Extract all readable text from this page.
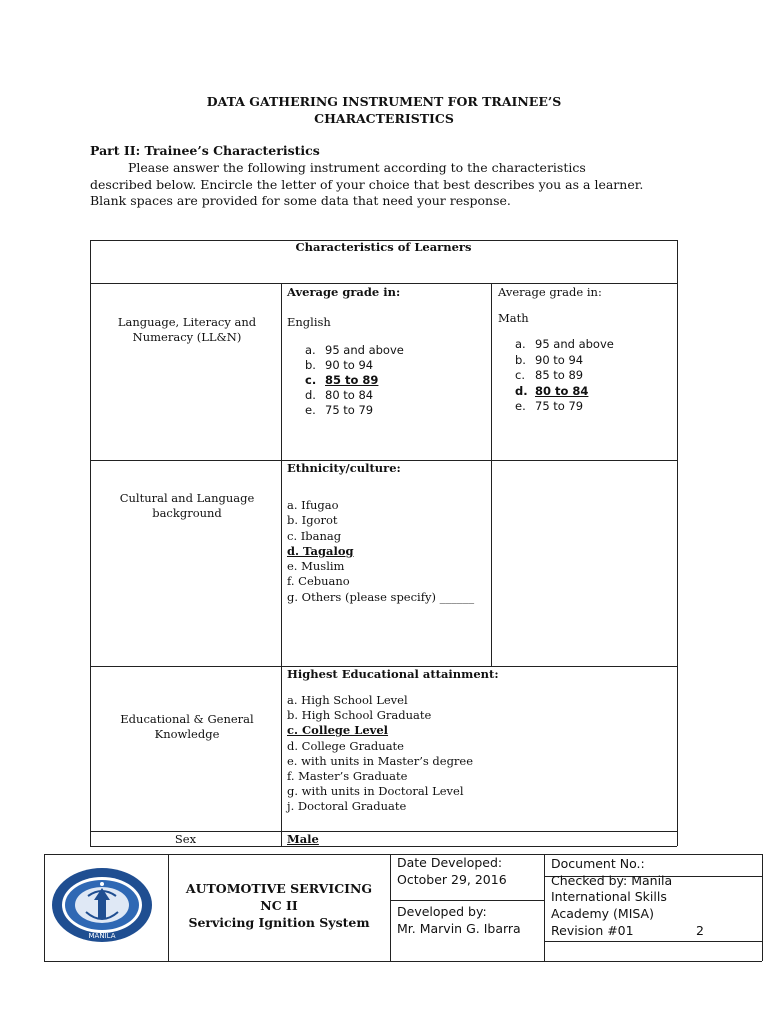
DATA GATHERING INSTRUMENT FOR TRAINEE’S
CHARACTERISTICS
Part II: Trainee’s Characteristics
Please answer the following instrument according to the characteristics
described below. Encircle the letter of your choice that best describes you as a learner.
Blank spaces are provided for some data that need your response.
Characteristics of Learners
Language, Literacy and Numeracy (LL&N)
Average grade in:
English
a. 95 and above
b. 90 to 94
c. 85 to 89
d. 80 to 84
e. 75 to 79
Average grade in:
Math
a. 95 and above
b. 90 to 94
c. 85 to 89
d. 80 to 84
e. 75 to 79
Cultural and Language background
Ethnicity/culture:
a. Ifugao
b. Igorot
c. Ibanag
d. Tagalog
e. Muslim
f. Cebuano
g. Others (please specify) ______
Educational & General Knowledge
Highest Educational attainment:
a. High School Level
b. High School Graduate
c. College Level
d. College Graduate
e. with units in Master’s degree
f. Master’s Graduate
g. with units in Doctoral Level
j. Doctoral Graduate
Sex	Male
MANILA
AUTOMOTIVE SERVICING
NC II
Servicing Ignition System
Date Developed:
October 29, 2016
Developed by:
Mr. Marvin G. Ibarra
Document No.:
Checked by: Manila
International Skills
Academy (MISA)
Revision #01	2
